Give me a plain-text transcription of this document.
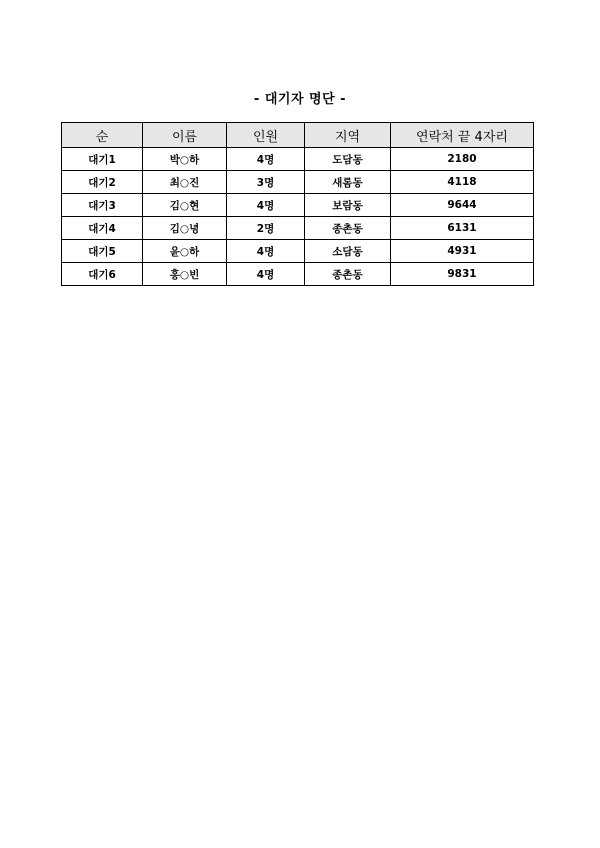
- 대기자 명단 -
순	이름	인원	지역	연락처 끝 4자리
대기1	박○하	4명	도담동	2180
대기2	최○진	3명	새롬동	4118
대기3	김○현	4명	보람동	9644
대기4	김○녕	2명	종촌동	6131
대기5	윤○하	4명	소담동	4931
대기6	홍○빈	4명	종촌동	9831
